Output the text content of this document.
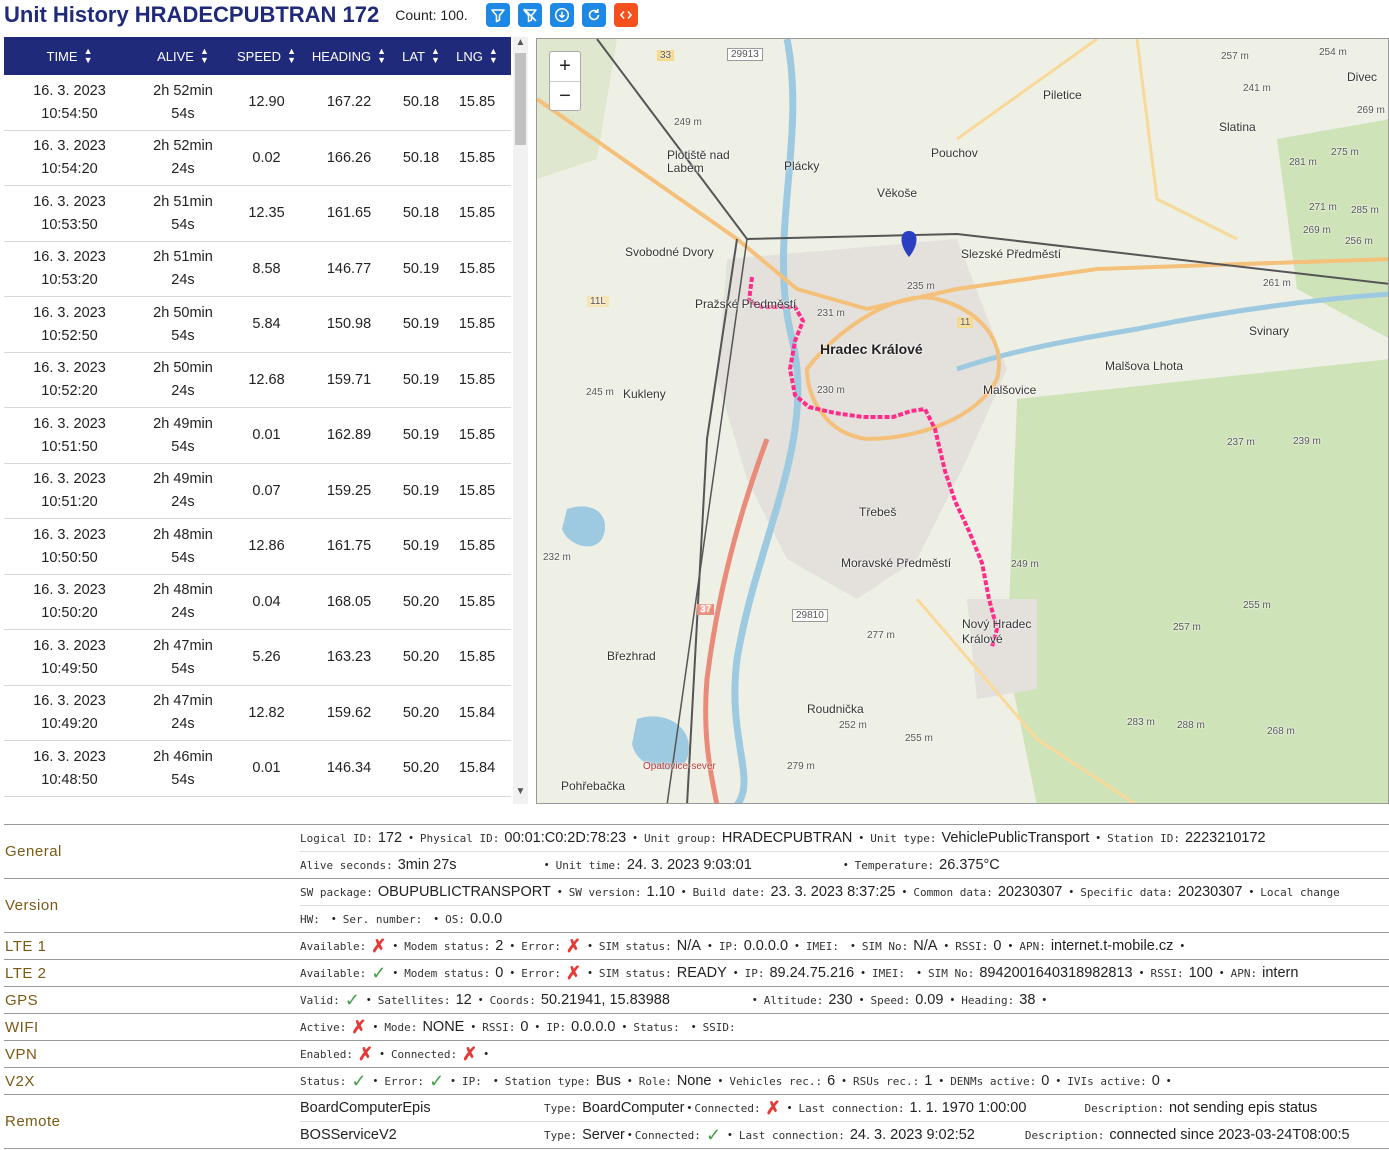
Unit History HRADECPUBTRAN 172 Count: 100.
TIME ▲
▼	ALIVE ▲
▼ SPEED ▲
▼ HEADING ▲
▼ LAT ▲
▼ LNG ▲
▼
16. 3. 2023
10:54:50
2h 52min
54s
12.90	167.22	50.18	15.85
16. 3. 2023
10:54:20
2h 52min
24s
0.02	166.26	50.18	15.85
16. 3. 2023
10:53:50
2h 51min
54s
12.35	161.65	50.18	15.85
16. 3. 2023
10:53:20
2h 51min
24s
8.58	146.77	50.19	15.85
16. 3. 2023
10:52:50
2h 50min
54s
5.84	150.98	50.19	15.85
16. 3. 2023
10:52:20
2h 50min
24s
12.68	159.71	50.19	15.85
16. 3. 2023
10:51:50
2h 49min
54s
0.01	162.89	50.19	15.85
16. 3. 2023
10:51:20
2h 49min
24s
0.07	159.25	50.19	15.85
16. 3. 2023
10:50:50
2h 48min
54s
12.86	161.75	50.19	15.85
16. 3. 2023
10:50:20
2h 48min
24s
0.04	168.05	50.20	15.85
16. 3. 2023
10:49:50
2h 47min
54s
5.26	163.23	50.20	15.85
16. 3. 2023
10:49:20
2h 47min
24s
12.82	159.62	50.20	15.84
16. 3. 2023
10:48:50
2h 46min
54s
0.01	146.34	50.20	15.84
▲
▼
+
−
Hradec Králové
Pouchov
Věkoše
Plácky
Plotiště nad Labem
Svobodné Dvory	Slezské Předměstí
Pražské Předměstí
Kukleny	Malšovice
Malšova Lhota
Svinary
Slatina
Piletice
Třebeš
Moravské Předměstí
Nový Hradec Králové
Březhrad
Roudnička
Pohřebačka
Opatovice-sever
Divec
29913
33
11L
11
37
29810
249 m
235 m
231 m
230 m
245 m
232 m
277 m
252 m
255 m
279 m
283 m 288 m
268 m
237 m	239 m
249 m
255 m
257 m
261 m
271 m
269 m
256 m
257 m
241 m
254 m
269 m
281 m
275 m
285 m
General
Logical ID: 172 • Physical ID: 00:01:C0:2D:78:23 • Unit group: HRADECPUBTRAN • Unit type: VehiclePublicTransport • Station ID: 2223210172
Alive seconds: 3min 27s	• Unit time: 24. 3. 2023 9:03:01	• Temperature: 26.375°C
Version
SW package: OBUPUBLICTRANSPORT • SW version: 1.10 • Build date: 23. 3. 2023 8:37:25 • Common data: 20230307 • Specific data: 20230307 • Local change
HW: • Ser. number: • OS: 0.0.0
LTE 1	Available: ✗ • Modem status: 2 • Error: ✗ • SIM status: N/A • IP: 0.0.0.0 • IMEI: • SIM No: N/A • RSSI: 0 • APN: internet.t-mobile.cz •
LTE 2	Available: ✓ • Modem status: 0 • Error: ✗ • SIM status: READY • IP: 89.24.75.216 • IMEI: • SIM No: 8942001640318982813 • RSSI: 100 • APN: intern
GPS	Valid: ✓ • Satellites: 12 • Coords: 50.21941, 15.83988	• Altitude: 230 • Speed: 0.09 • Heading: 38 •
WIFI	Active: ✗ • Mode: NONE • RSSI: 0 • IP: 0.0.0.0 • Status: • SSID:
VPN	Enabled: ✗ • Connected: ✗ •
V2X	Status: ✓ • Error: ✓ • IP: • Station type: Bus • Role: None • Vehicles rec.: 6 • RSUs rec.: 1 • DENMs active: 0 • IVIs active: 0 •
Remote
BoardComputerEpis	Type: BoardComputer • Connected: ✗ • Last connection: 1. 1. 1970 1:00:00	Description: not sending epis status
BOSServiceV2	Type: Server • Connected: ✓ • Last connection: 24. 3. 2023 9:02:52	Description: connected since 2023-03-24T08:00:5
